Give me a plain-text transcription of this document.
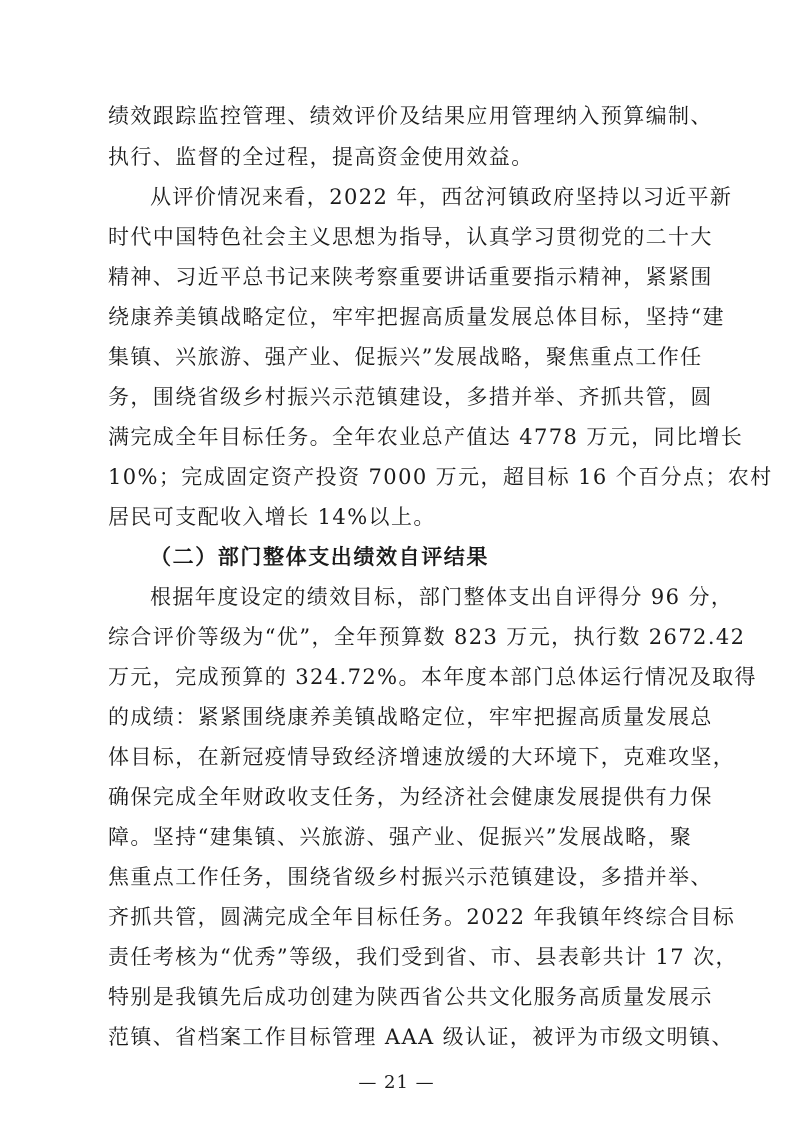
绩效跟踪监控管理、绩效评价及结果应用管理纳入预算编制、
执行、监督的全过程，提高资金使用效益。
从评价情况来看，2022 年，西岔河镇政府坚持以习近平新
时代中国特色社会主义思想为指导，认真学习贯彻党的二十大
精神、习近平总书记来陕考察重要讲话重要指示精神，紧紧围
绕康养美镇战略定位，牢牢把握高质量发展总体目标，坚持“建
集镇、兴旅游、强产业、促振兴”发展战略，聚焦重点工作任
务，围绕省级乡村振兴示范镇建设，多措并举、齐抓共管，圆
满完成全年目标任务。全年农业总产值达 4778 万元，同比增长
10%；完成固定资产投资 7000 万元，超目标 16 个百分点；农村
居民可支配收入增长 14%以上。
（二）部门整体支出绩效自评结果
根据年度设定的绩效目标，部门整体支出自评得分 96 分，
综合评价等级为“优”，全年预算数 823 万元，执行数 2672.42
万元，完成预算的 324.72%。本年度本部门总体运行情况及取得
的成绩：紧紧围绕康养美镇战略定位，牢牢把握高质量发展总
体目标，在新冠疫情导致经济增速放缓的大环境下，克难攻坚，
确保完成全年财政收支任务，为经济社会健康发展提供有力保
障。坚持“建集镇、兴旅游、强产业、促振兴”发展战略，聚
焦重点工作任务，围绕省级乡村振兴示范镇建设，多措并举、
齐抓共管，圆满完成全年目标任务。2022 年我镇年终综合目标
责任考核为“优秀”等级，我们受到省、市、县表彰共计 17 次，
特别是我镇先后成功创建为陕西省公共文化服务高质量发展示
范镇、省档案工作目标管理 AAA 级认证，被评为市级文明镇、
— 21 —
